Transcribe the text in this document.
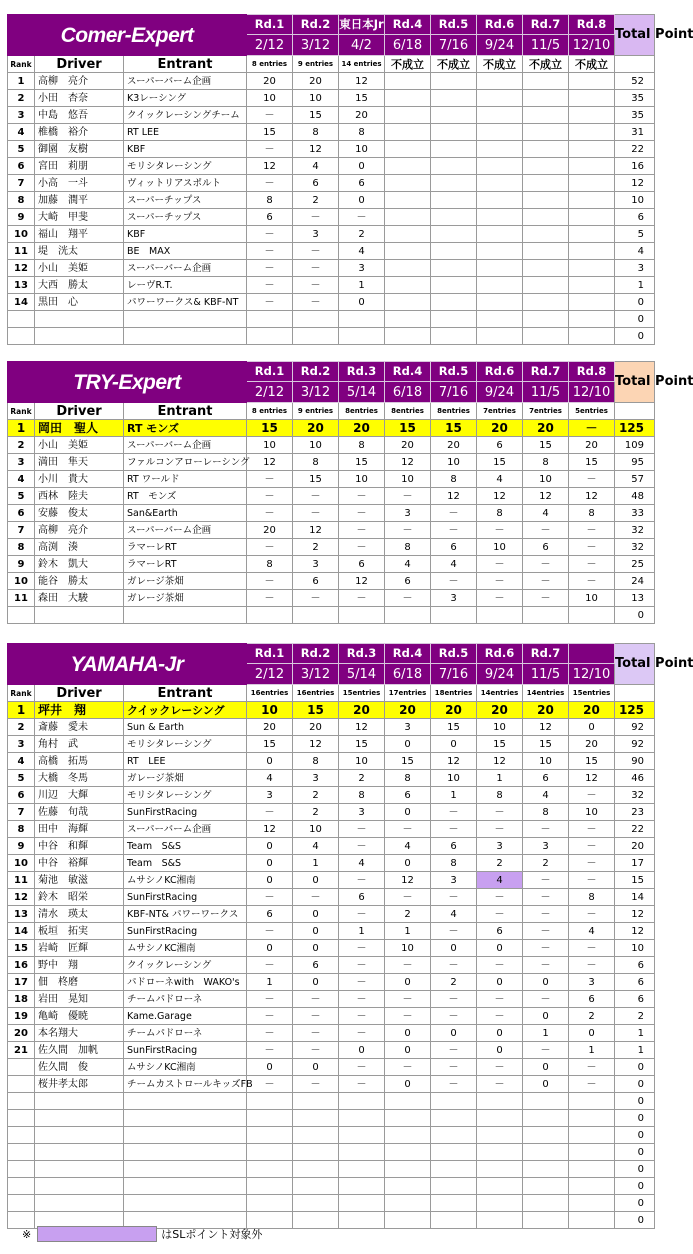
Comer-Expert			Rd.1	Rd.2	東日本Jr	Rd.4	Rd.5	Rd.6	Rd.7	Rd.8	Total Point
			2/12	3/12	4/2	6/18	7/16	9/24	11/5	12/10	
Rank	Driver	Entrant	8 entries	9 entries	14 entries	不成立	不成立	不成立	不成立	不成立	
1	高柳　亮介	スーパーバーム企画	20	20	12						52
2	小田　杏奈	K3レーシング	10	10	15						35
3	中島　悠吾	クイックレーシングチーム	－	15	20						35
4	椎橋　裕介	RT LEE	15	8	8						31
5	御園　友樹	KBF	－	12	10						22
6	宮田　莉朋	モリシタレーシング	12	4	0						16
7	小高　一斗	ヴィットリアスポルト	－	6	6						12
8	加藤　潤平	スーパーチップス	8	2	0						10
9	大崎　甲斐	スーパーチップス	6	－	－						6
10	福山　翔平	KBF	－	3	2						5
11	堤　洸太	BE　MAX	－	－	4						4
12	小山　美姫	スーパーバーム企画	－	－	3						3
13	大西　勝太	レーヴR.T.	－	－	1						1
14	黒田　心	パワーワークス& KBF-NT	－	－	0						0
											0
											0
TRY-Expert			Rd.1	Rd.2	Rd.3	Rd.4	Rd.5	Rd.6	Rd.7	Rd.8	Total Point
			2/12	3/12	5/14	6/18	7/16	9/24	11/5	12/10	
Rank	Driver	Entrant	8 entries	9 entries	8entries	8entries	8entries	7entries	7entries	5entries	
1	岡田　聖人	RT モンズ	15	20	20	15	15	20	20	－	125
2	小山　美姫	スーパーバーム企画	10	10	8	20	20	6	15	20	109
3	満田　隼天	ファルコンアローレーシング	12	8	15	12	10	15	8	15	95
4	小川　貴大	RT ワールド	－	15	10	10	8	4	10	－	57
5	西林　陸夫	RT　モンズ	－	－	－	－	12	12	12	12	48
6	安藤　俊太	San&Earth	－	－	－	3	－	8	4	8	33
7	高柳　亮介	スーパーバーム企画	20	12	－	－	－	－	－	－	32
8	高渕　湊	ラマーレRT	－	2	－	8	6	10	6	－	32
9	鈴木　凱大	ラマーレRT	8	3	6	4	4	－	－	－	25
10	能谷　勝太	ガレージ茶畑	－	6	12	6	－	－	－	－	24
11	森田　大駿	ガレージ茶畑	－	－	－	－	3	－	－	10	13
											0
YAMAHA-Jr			Rd.1	Rd.2	Rd.3	Rd.4	Rd.5	Rd.6	Rd.7		Total Point
			2/12	3/12	5/14	6/18	7/16	9/24	11/5	12/10	
Rank	Driver	Entrant	16entries	16entries	15entries	17entries	18entries	14entries	14entries	15entries	
1	坪井　翔	クイックレーシング	10	15	20	20	20	20	20	20	125
2	斎藤　愛未	Sun & Earth	20	20	12	3	15	10	12	0	92
3	角村　武	モリシタレーシング	15	12	15	0	0	15	15	20	92
4	高橋　拓馬	RT　LEE	0	8	10	15	12	12	10	15	90
5	大橋　冬馬	ガレージ茶畑	4	3	2	8	10	1	6	12	46
6	川辺　大輝	モリシタレーシング	3	2	8	6	1	8	4	－	32
7	佐藤　旬哉	SunFirstRacing	－	2	3	0	－	－	8	10	23
8	田中　海輝	スーパーバーム企画	12	10	－	－	－	－	－	－	22
9	中谷　和輝	Team　S&S	0	4	－	4	6	3	3	－	20
10	中谷　裕輝	Team　S&S	0	1	4	0	8	2	2	－	17
11	菊池　敏滋	ムサシノKC湘南	0	0	－	12	3	4	－	－	15
12	鈴木　昭栄	SunFirstRacing	－	－	6	－	－	－	－	8	14
13	清水　瑛太	KBF-NT& パワーワークス	6	0	－	2	4	－	－	－	12
14	板垣　拓実	SunFirstRacing	－	0	1	1	－	6	－	4	12
15	岩崎　匠輝	ムサシノKC湘南	0	0	－	10	0	0	－	－	10
16	野中　翔	クイックレーシング	－	6	－	－	－	－	－	－	6
17	佃　柊磨	パドローネwith　WAKO's	1	0	－	0	2	0	0	3	6
18	岩田　晃知	チームパドローネ	－	－	－	－	－	－	－	6	6
19	亀崎　優暁	Kame.Garage	－	－	－	－	－	－	0	2	2
20	本名翔大	チームパドローネ	－	－	－	0	0	0	1	0	1
21	佐久間　加帆	SunFirstRacing	－	－	0	0	－	0	－	1	1
	佐久間　俊	ムサシノKC湘南	0	0	－	－	－	－	0	－	0
	桜井孝太郎	チームカストロールキッズFB	－	－	－	0	－	－	0	－	0
											0
											0
											0
											0
											0
											0
											0
											0
※	はSLポイント対象外
